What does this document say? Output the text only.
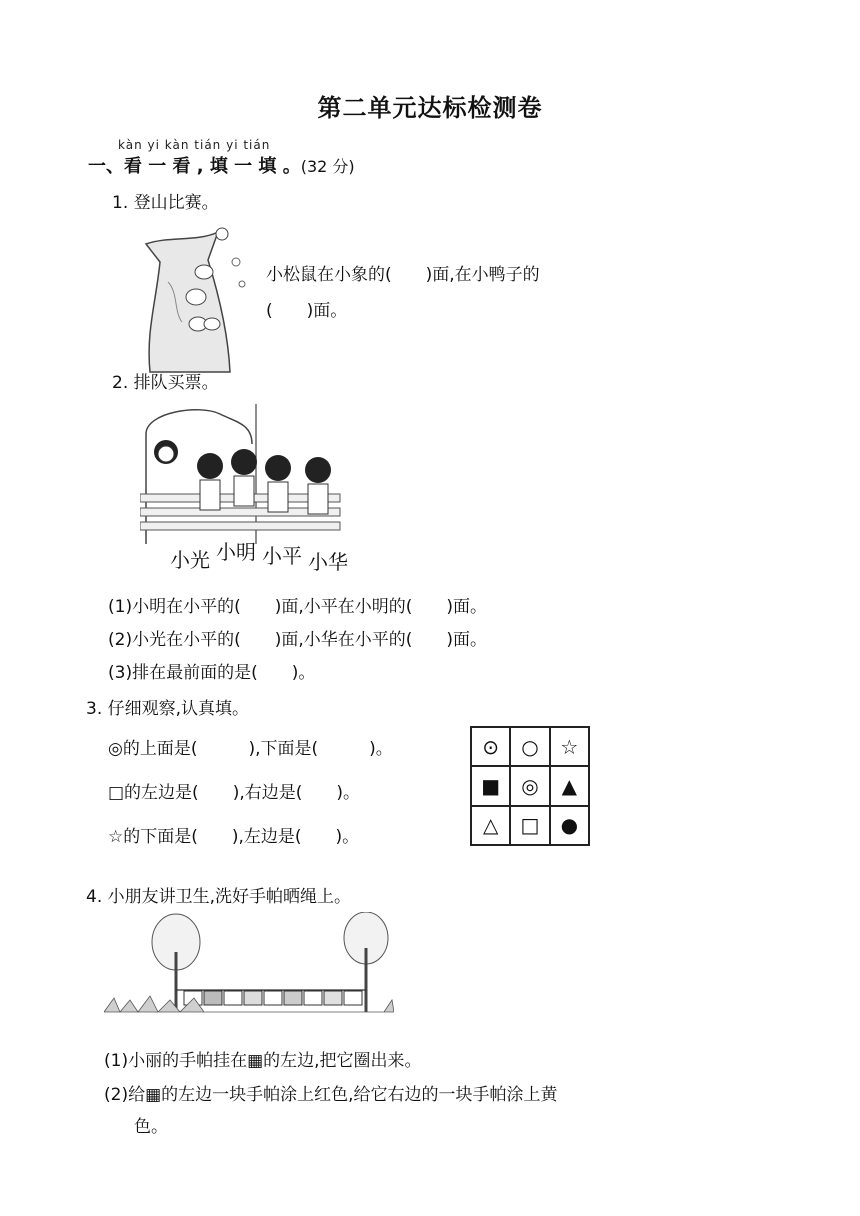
第二单元达标检测卷
kàn yi kàn tián yi tián
一、看 一 看 , 填 一 填 。(32 分)
1. 登山比赛。
小松鼠在小象的(　　)面,在小鸭子的
(　　)面。
2. 排队买票。
小光 小明 小平 小华
(1)小明在小平的(　　)面,小平在小明的(　　)面。
(2)小光在小平的(　　)面,小华在小平的(　　)面。
(3)排在最前面的是(　　)。
3. 仔细观察,认真填。
◎的上面是(　　　),下面是(　　　)。
□的左边是(　　),右边是(　　)。
☆的下面是(　　),左边是(　　)。
⊙	○	☆
■	◎	▲
△	□	●
4. 小朋友讲卫生,洗好手帕晒绳上。
(1)小丽的手帕挂在▦的左边,把它圈出来。
(2)给▦的左边一块手帕涂上红色,给它右边的一块手帕涂上黄
色。
